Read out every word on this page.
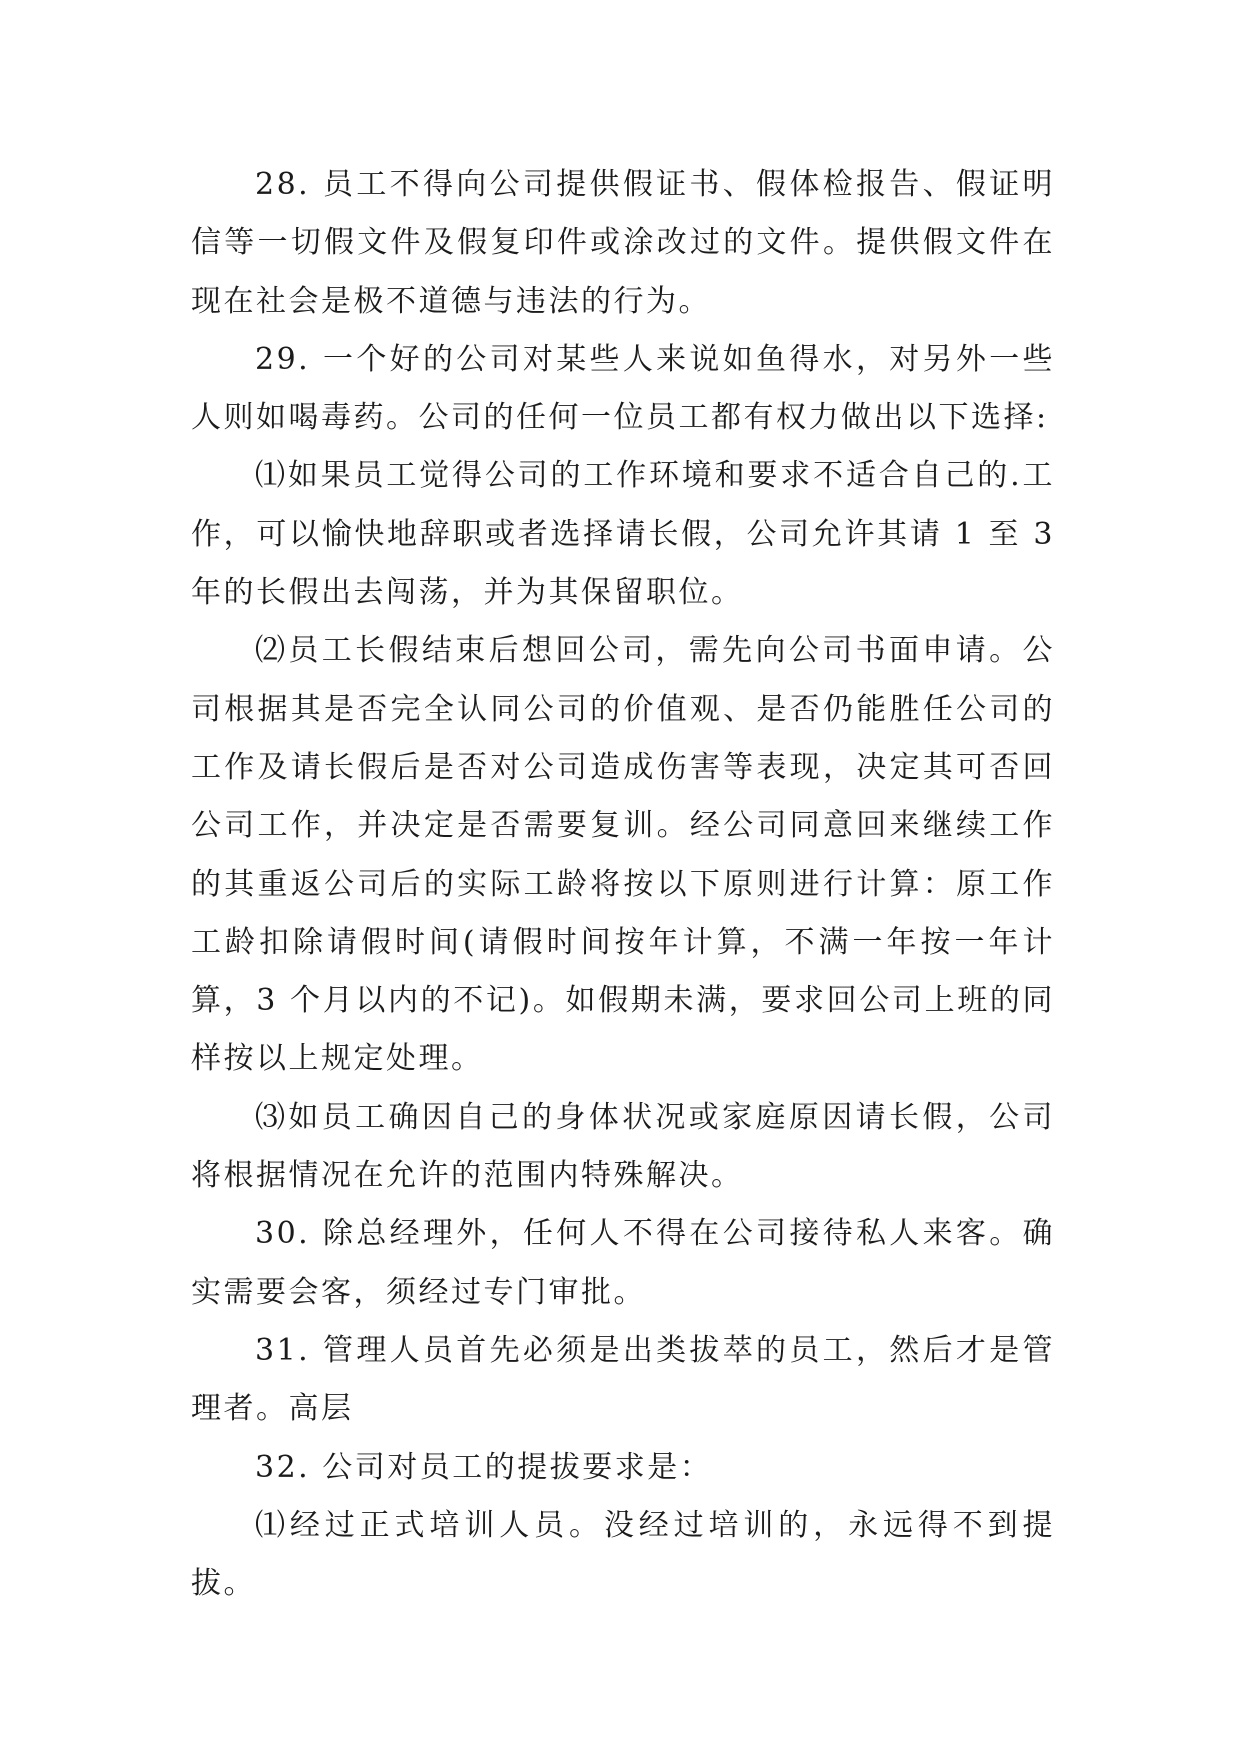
28. 员工不得向公司提供假证书、假体检报告、假证明信等一切假文件及假复印件或涂改过的文件。提供假文件在现在社会是极不道德与违法的行为。

29. 一个好的公司对某些人来说如鱼得水，对另外一些人则如喝毒药。公司的任何一位员工都有权力做出以下选择:

⑴如果员工觉得公司的工作环境和要求不适合自己的.工作，可以愉快地辞职或者选择请长假，公司允许其请 1 至 3 年的长假出去闯荡，并为其保留职位。

⑵员工长假结束后想回公司，需先向公司书面申请。公司根据其是否完全认同公司的价值观、是否仍能胜任公司的工作及请长假后是否对公司造成伤害等表现，决定其可否回公司工作，并决定是否需要复训。经公司同意回来继续工作的其重返公司后的实际工龄将按以下原则进行计算：原工作工龄扣除请假时间(请假时间按年计算，不满一年按一年计算，3 个月以内的不记)。如假期未满，要求回公司上班的同样按以上规定处理。

⑶如员工确因自己的身体状况或家庭原因请长假，公司将根据情况在允许的范围内特殊解决。

30. 除总经理外，任何人不得在公司接待私人来客。确实需要会客，须经过专门审批。

31. 管理人员首先必须是出类拔萃的员工，然后才是管理者。高层

32. 公司对员工的提拔要求是：

⑴经过正式培训人员。没经过培训的，永远得不到提拔。
